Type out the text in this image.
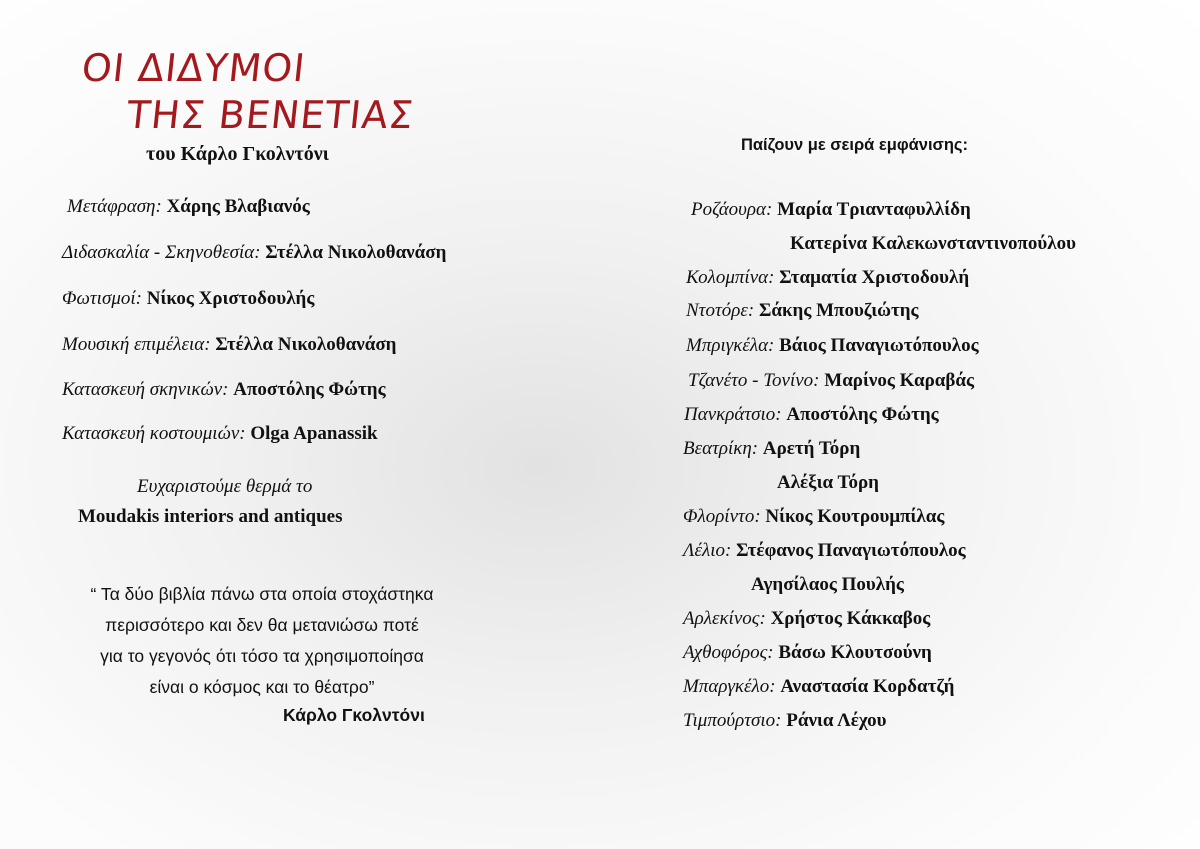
ΟΙ ΔΙΔΥΜΟΙ
ΤΗΣ ΒΕΝΕΤΙΑΣ
του Κάρλο Γκολντόνι
Μετάφραση: Χάρης Βλαβιανός
Διδασκαλία - Σκηνοθεσία: Στέλλα Νικολοθανάση
Φωτισμοί: Νίκος Χριστοδουλής
Μουσική επιμέλεια: Στέλλα Νικολοθανάση
Κατασκευή σκηνικών: Αποστόλης Φώτης
Κατασκευή κοστουμιών: Olga Apanassik
Ευχαριστούμε θερμά το
Moudakis interiors and antiques
“ Τα δύο βιβλία πάνω στα οποία στοχάστηκα
περισσότερο και δεν θα μετανιώσω ποτέ
για το γεγονός ότι τόσο τα χρησιμοποίησα
είναι ο κόσμος και το θέατρο”
Κάρλο Γκολντόνι
Παίζουν με σειρά εμφάνισης:
Ροζάουρα: Μαρία Τριανταφυλλίδη
Κατερίνα Καλεκωνσταντινοπούλου
Κολομπίνα: Σταματία Χριστοδουλή
Ντοτόρε: Σάκης Μπουζιώτης
Μπριγκέλα: Βάιος Παναγιωτόπουλος
Τζανέτο - Τονίνο: Μαρίνος Καραβάς
Πανκράτσιο: Αποστόλης Φώτης
Βεατρίκη: Αρετή Τόρη
Αλέξια Τόρη
Φλορίντο: Νίκος Κουτρουμπίλας
Λέλιο: Στέφανος Παναγιωτόπουλος
Αγησίλαος Πουλής
Αρλεκίνος: Χρήστος Κάκκαβος
Αχθοφόρος: Βάσω Κλουτσούνη
Μπαργκέλο: Αναστασία Κορδατζή
Τιμπούρτσιο: Ράνια Λέχου
